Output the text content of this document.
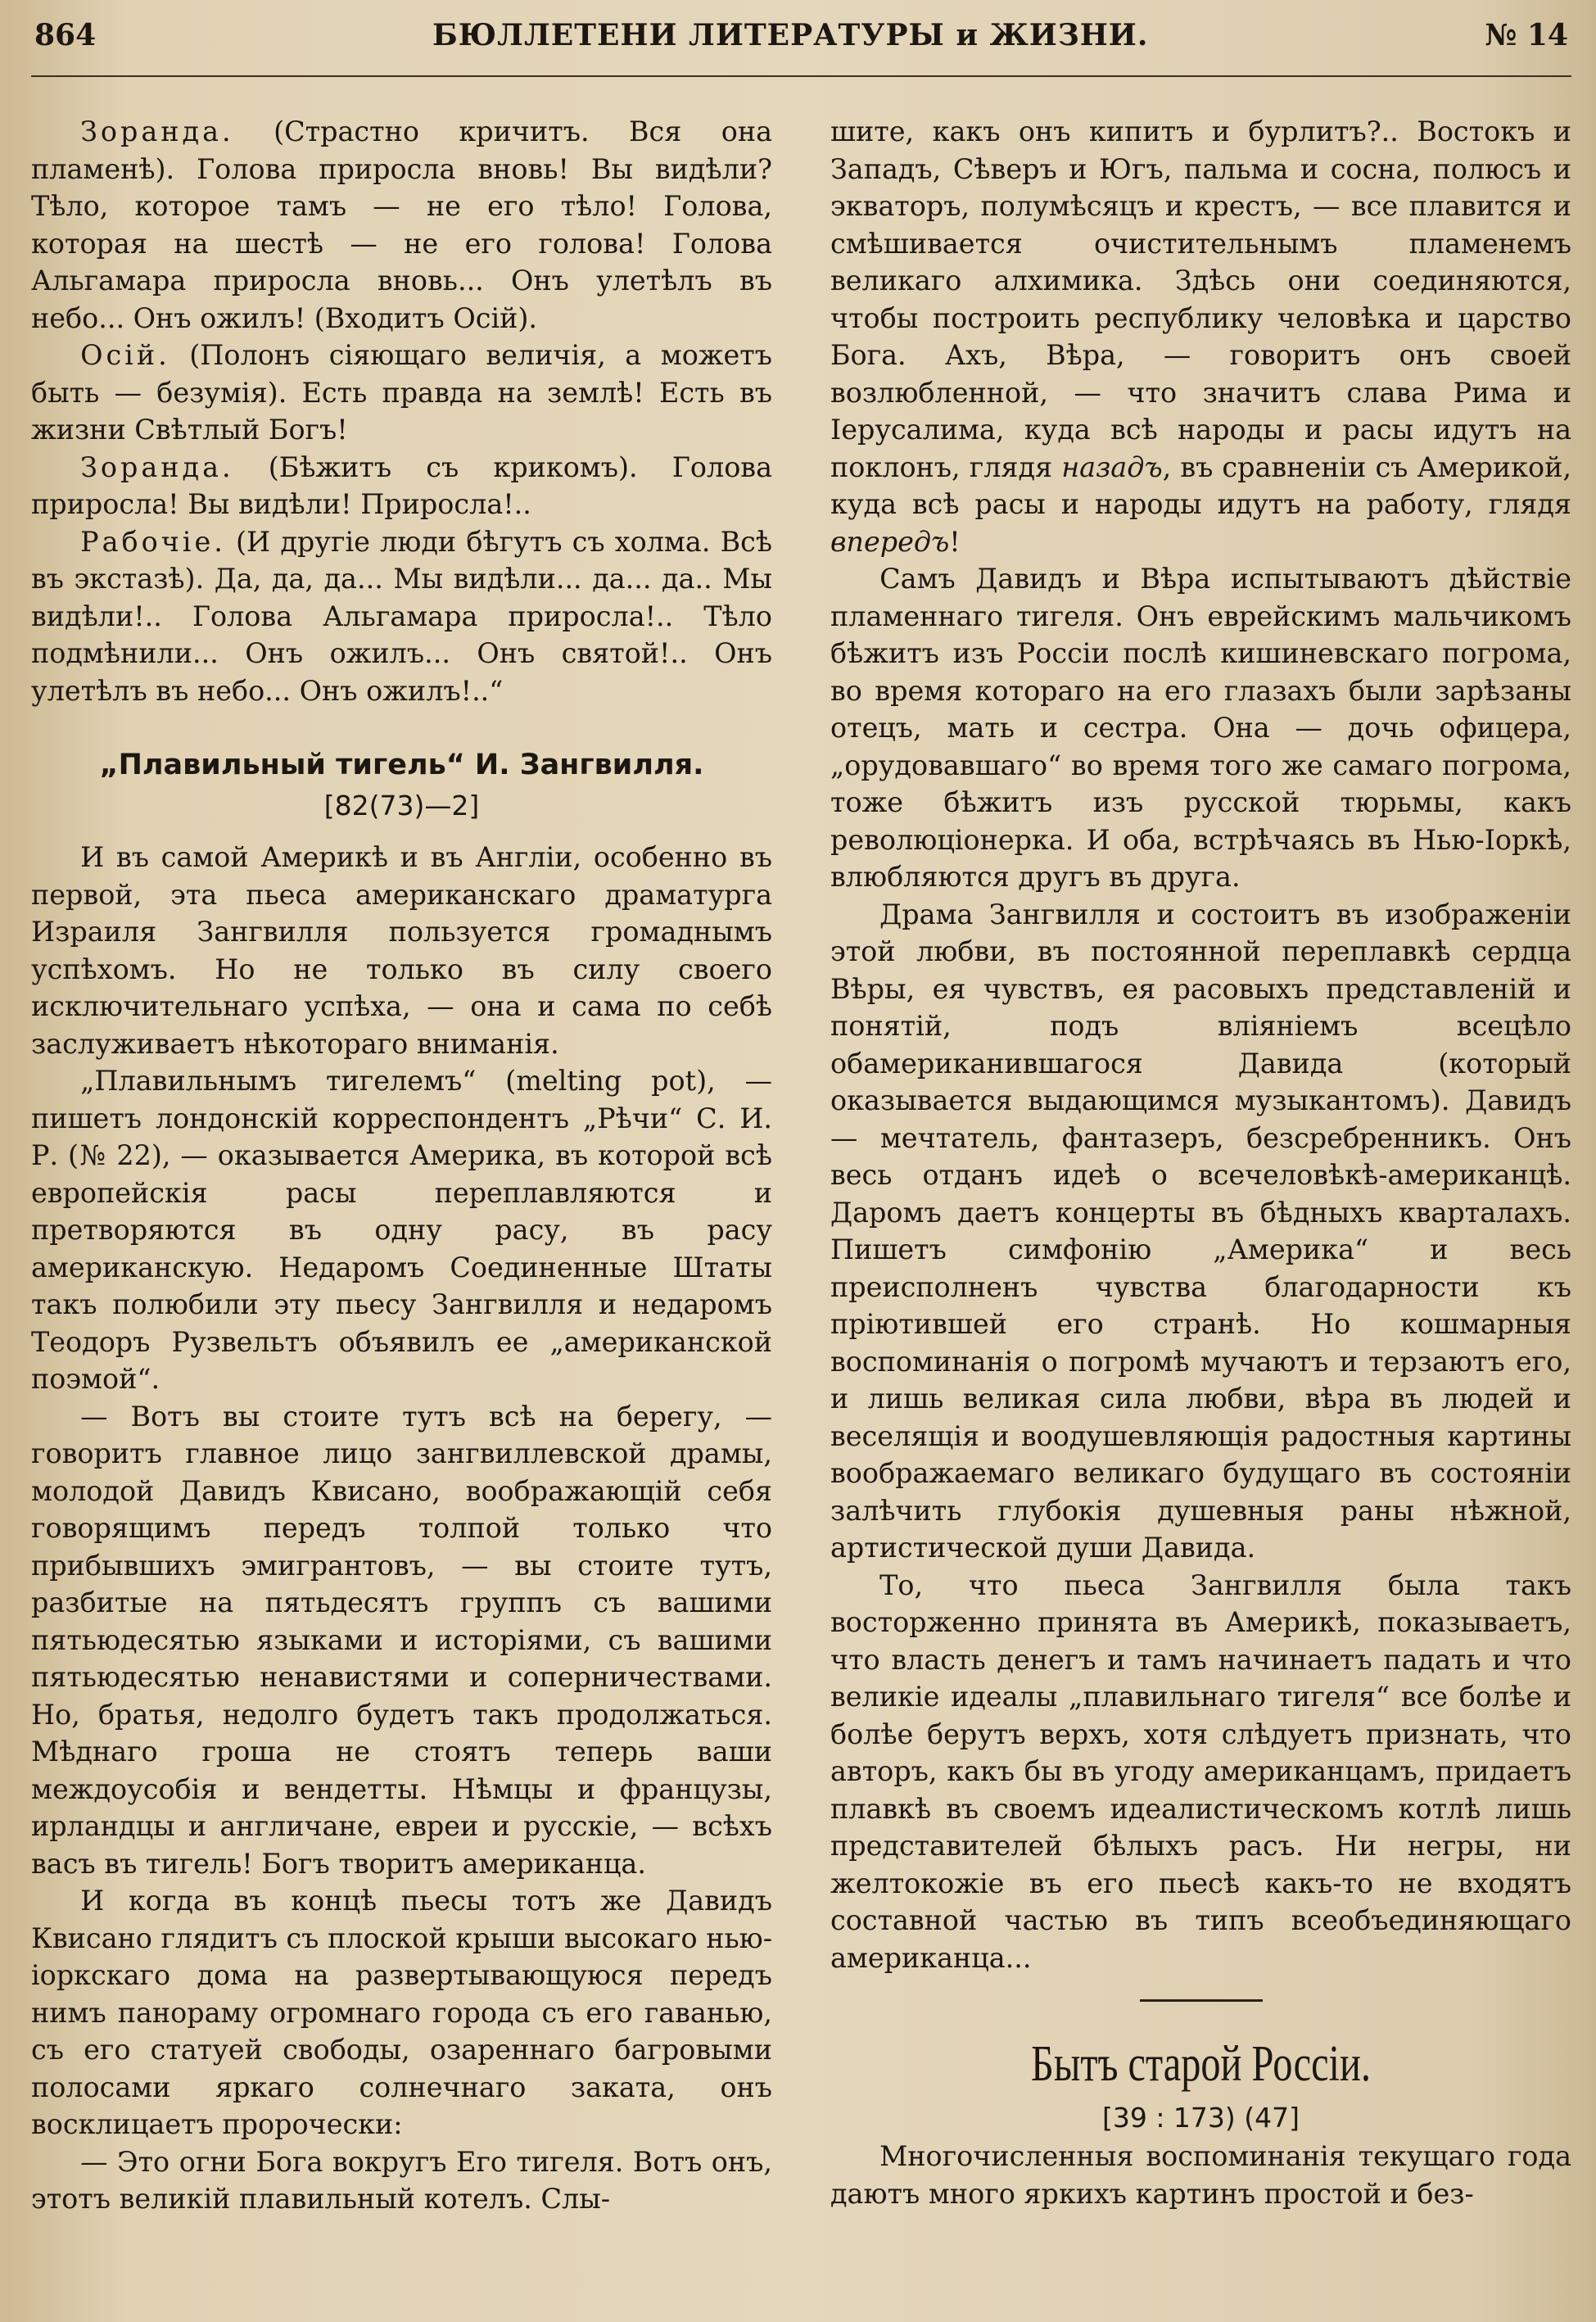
864	БЮЛЛЕТЕНИ ЛИТЕРАТУРЫ и ЖИЗНИ.	№ 14

Зоранда. (Страстно кричитъ. Вся она пламенѣ). Голова приросла вновь! Вы видѣли? Тѣло, которое тамъ — не его тѣло! Голова, которая на шестѣ — не его голова! Голова Альгамара приросла вновь... Онъ улетѣлъ въ небо... Онъ ожилъ! (Входитъ Осій).

Осій. (Полонъ сіяющаго величія, а можетъ быть — безумія). Есть правда на землѣ! Есть въ жизни Свѣтлый Богъ!

Зоранда. (Бѣжитъ съ крикомъ). Голова приросла! Вы видѣли! Приросла!..

Рабочіе. (И другіе люди бѣгутъ съ холма. Всѣ въ экстазѣ). Да, да, да... Мы видѣли... да... да.. Мы видѣли!.. Голова Альгамара приросла!.. Тѣло подмѣнили... Онъ ожилъ... Онъ святой!.. Онъ улетѣлъ въ небо... Онъ ожилъ!..“

„Плавильный тигель“ И. Зангвилля.
[82(73)—2]

И въ самой Америкѣ и въ Англіи, особенно въ первой, эта пьеса американскаго драматурга Израиля Зангвилля пользуется громаднымъ успѣхомъ. Но не только въ силу своего исключительнаго успѣха, — она и сама по себѣ заслуживаетъ нѣкотораго вниманія.

„Плавильнымъ тигелемъ“ (melting pot), — пишетъ лондонскій корреспондентъ „Рѣчи“ С. И. Р. (№ 22), — оказывается Америка, въ которой всѣ европейскія расы переплавляются и претворяются въ одну расу, въ расу американскую. Недаромъ Соединенные Штаты такъ полюбили эту пьесу Зангвилля и недаромъ Теодоръ Рузвельтъ объявилъ ее „американской поэмой“.

— Вотъ вы стоите тутъ всѣ на берегу, — говоритъ главное лицо зангвиллевской драмы, молодой Давидъ Квисано, воображающій себя говорящимъ передъ толпой только что прибывшихъ эмигрантовъ, — вы стоите тутъ, разбитые на пятьдесятъ группъ съ вашими пятьюдесятью языками и исторіями, съ вашими пятьюдесятью ненавистями и соперничествами. Но, братья, недолго будетъ такъ продолжаться. Мѣднаго гроша не стоятъ теперь ваши междоусобія и вендетты. Нѣмцы и французы, ирландцы и англичане, евреи и русскіе, — всѣхъ васъ въ тигель! Богъ творитъ американца.

И когда въ концѣ пьесы тотъ же Давидъ Квисано глядитъ съ плоской крыши высокаго нью-іоркскаго дома на развертывающуюся передъ нимъ панораму огромнаго города съ его гаванью, съ его статуей свободы, озареннаго багровыми полосами яркаго солнечнаго заката, онъ восклицаетъ пророчески:

— Это огни Бога вокругъ Его тигеля. Вотъ онъ, этотъ великій плавильный котелъ. Слы-

шите, какъ онъ кипитъ и бурлитъ?.. Востокъ и Западъ, Сѣверъ и Югъ, пальма и сосна, полюсъ и экваторъ, полумѣсяцъ и крестъ, — все плавится и смѣшивается очистительнымъ пламенемъ великаго алхимика. Здѣсь они соединяются, чтобы построить республику человѣка и царство Бога. Ахъ, Вѣра, — говоритъ онъ своей возлюбленной, — что значитъ слава Рима и Іерусалима, куда всѣ народы и расы идутъ на поклонъ, глядя назадъ, въ сравненіи съ Америкой, куда всѣ расы и народы идутъ на работу, глядя впередъ!

Самъ Давидъ и Вѣра испытываютъ дѣйствіе пламеннаго тигеля. Онъ еврейскимъ мальчикомъ бѣжитъ изъ Россіи послѣ кишиневскаго погрома, во время котораго на его глазахъ были зарѣзаны отецъ, мать и сестра. Она — дочь офицера, „орудовавшаго“ во время того же самаго погрома, тоже бѣжитъ изъ русской тюрьмы, какъ революціонерка. И оба, встрѣчаясь въ Нью-Іоркѣ, влюбляются другъ въ друга.

Драма Зангвилля и состоитъ въ изображеніи этой любви, въ постоянной переплавкѣ сердца Вѣры, ея чувствъ, ея расовыхъ представленій и понятій, подъ вліяніемъ всецѣло обамериканившагося Давида (который оказывается выдающимся музыкантомъ). Давидъ — мечтатель, фантазеръ, безсребренникъ. Онъ весь отданъ идеѣ о всечеловѣкѣ-американцѣ. Даромъ даетъ концерты въ бѣдныхъ кварталахъ. Пишетъ симфонію „Америка“ и весь преисполненъ чувства благодарности къ пріютившей его странѣ. Но кошмарныя воспоминанія о погромѣ мучаютъ и терзаютъ его, и лишь великая сила любви, вѣра въ людей и веселящія и воодушевляющія радостныя картины воображаемаго великаго будущаго въ состояніи залѣчить глубокія душевныя раны нѣжной, артистической души Давида.

То, что пьеса Зангвилля была такъ восторженно принята въ Америкѣ, показываетъ, что власть денегъ и тамъ начинаетъ падать и что великіе идеалы „плавильнаго тигеля“ все болѣе и болѣе берутъ верхъ, хотя слѣдуетъ признать, что авторъ, какъ бы въ угоду американцамъ, придаетъ плавкѣ въ своемъ идеалистическомъ котлѣ лишь представителей бѣлыхъ расъ. Ни негры, ни желтокожіе въ его пьесѣ какъ-то не входятъ составной частью въ типъ всеобъединяющаго американца...

Бытъ старой Россіи.
[39 : 173) (47]

Многочисленныя воспоминанія текущаго года даютъ много яркихъ картинъ простой и без-
